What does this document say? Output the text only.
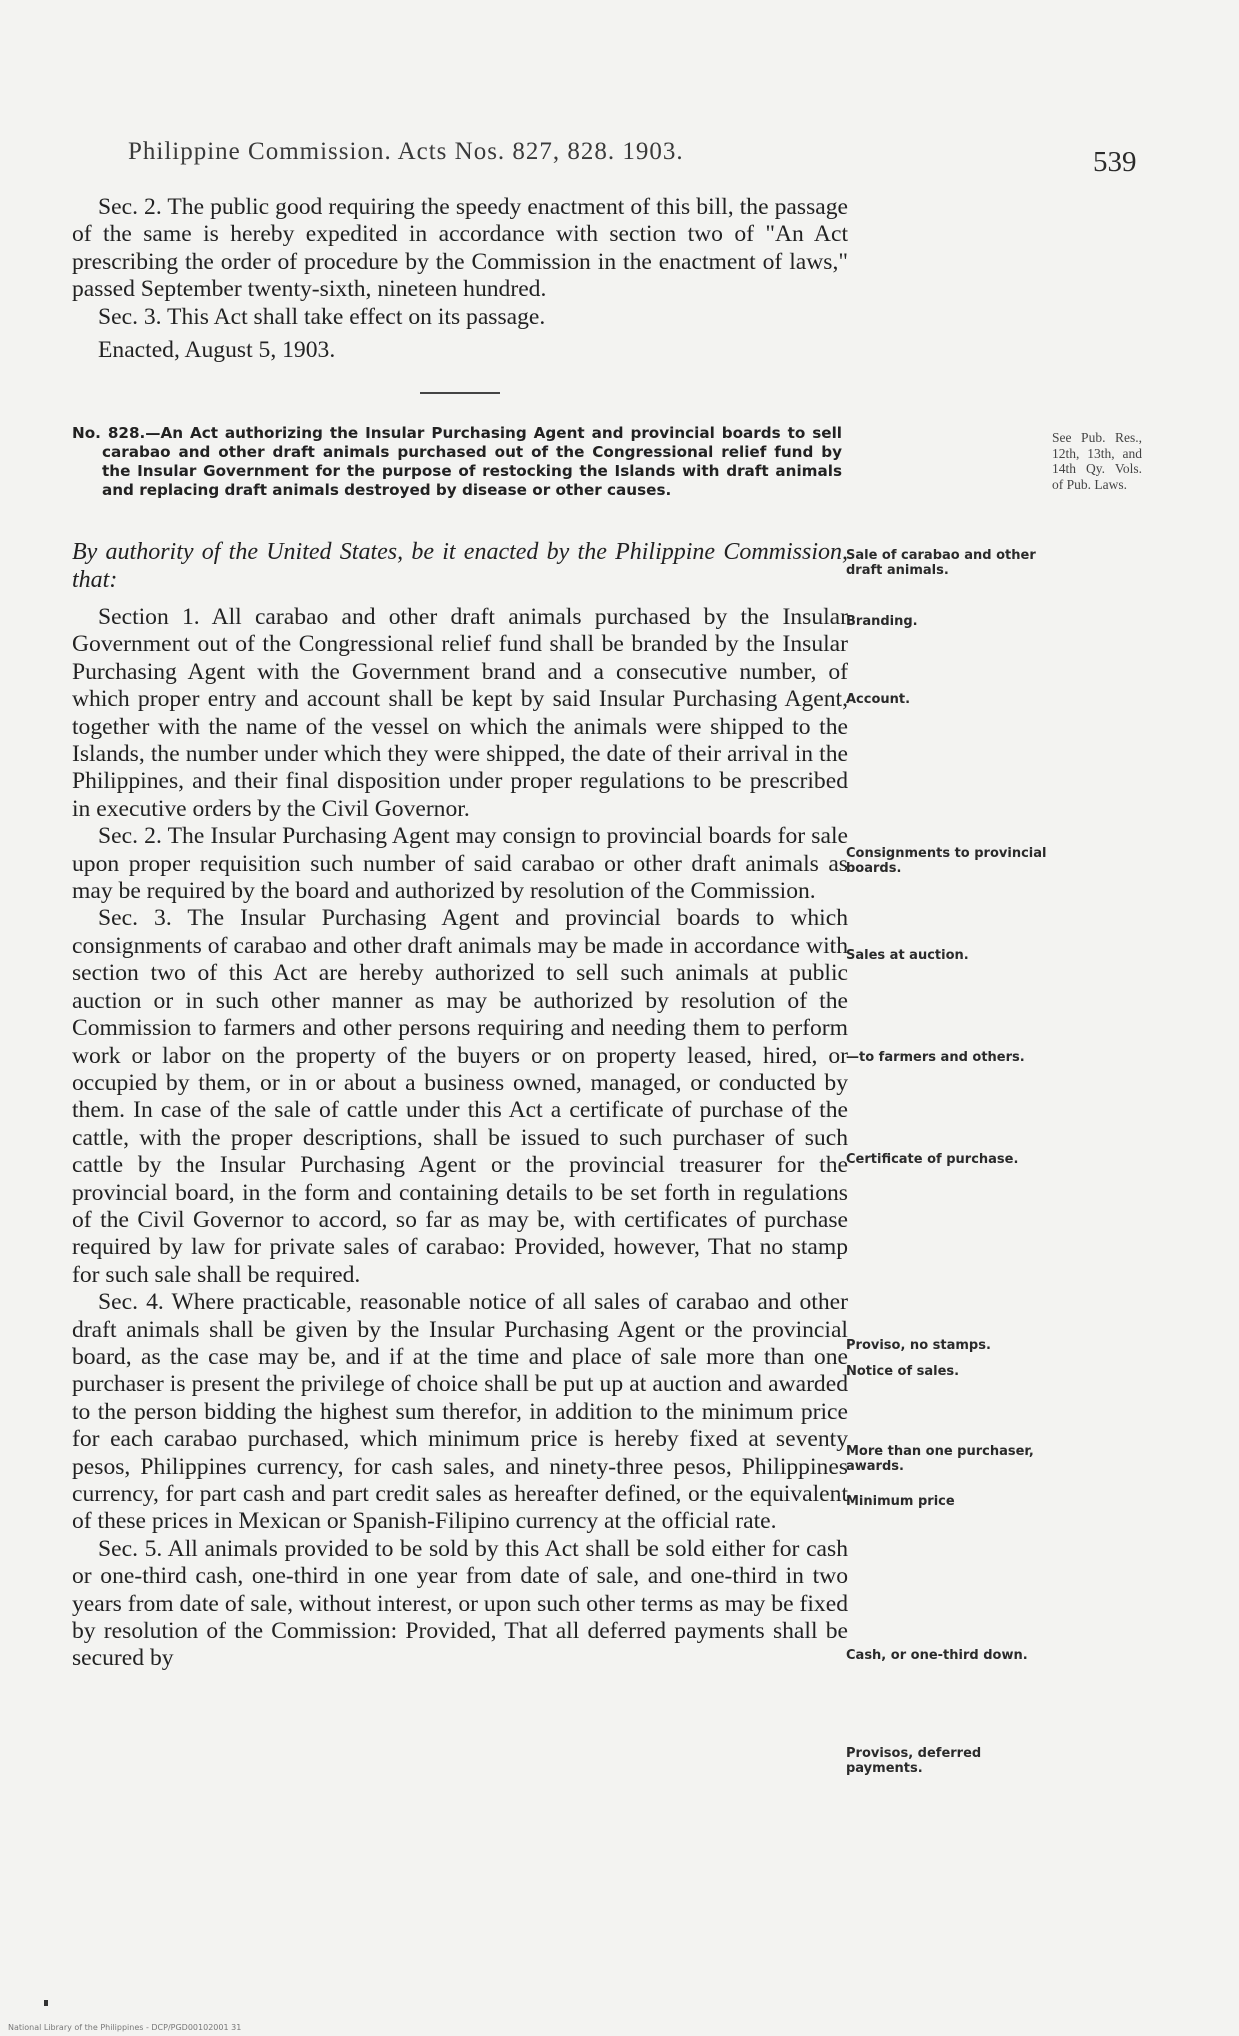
Philippine Commission. Acts Nos. 827, 828. 1903.	539

Sec. 2. The public good requiring the speedy enactment of this bill, the passage of the same is hereby expedited in accordance with section two of "An Act prescribing the order of procedure by the Commission in the enactment of laws," passed September twenty-sixth, nineteen hundred.

Sec. 3. This Act shall take effect on its passage.

Enacted, August 5, 1903.

No. 828.—An Act authorizing the Insular Purchasing Agent and provincial boards to sell carabao and other draft animals purchased out of the Congressional relief fund by the Insular Government for the purpose of restocking the Islands with draft animals and replacing draft animals destroyed by disease or other causes.
By authority of the United States, be it enacted by the Philippine Commission, that:

Section 1. All carabao and other draft animals purchased by the Insular Government out of the Congressional relief fund shall be branded by the Insular Purchasing Agent with the Government brand and a consecutive number, of which proper entry and account shall be kept by said Insular Purchasing Agent, together with the name of the vessel on which the animals were shipped to the Islands, the number under which they were shipped, the date of their arrival in the Philippines, and their final disposition under proper regulations to be prescribed in executive orders by the Civil Governor.

Sec. 2. The Insular Purchasing Agent may consign to provincial boards for sale upon proper requisition such number of said carabao or other draft animals as may be required by the board and authorized by resolution of the Commission.

Sec. 3. The Insular Purchasing Agent and provincial boards to which consignments of carabao and other draft animals may be made in accordance with section two of this Act are hereby authorized to sell such animals at public auction or in such other manner as may be authorized by resolution of the Commission to farmers and other persons requiring and needing them to perform work or labor on the property of the buyers or on property leased, hired, or occupied by them, or in or about a business owned, managed, or conducted by them. In case of the sale of cattle under this Act a certificate of purchase of the cattle, with the proper descriptions, shall be issued to such purchaser of such cattle by the Insular Purchasing Agent or the provincial treasurer for the provincial board, in the form and containing details to be set forth in regulations of the Civil Governor to accord, so far as may be, with certificates of purchase required by law for private sales of carabao: Provided, however, That no stamp for such sale shall be required.

Sec. 4. Where practicable, reasonable notice of all sales of carabao and other draft animals shall be given by the Insular Purchasing Agent or the provincial board, as the case may be, and if at the time and place of sale more than one purchaser is present the privilege of choice shall be put up at auction and awarded to the person bidding the highest sum therefor, in addition to the minimum price for each carabao purchased, which minimum price is hereby fixed at seventy pesos, Philippines currency, for cash sales, and ninety-three pesos, Philippines currency, for part cash and part credit sales as hereafter defined, or the equivalent of these prices in Mexican or Spanish-Filipino currency at the official rate.

Sec. 5. All animals provided to be sold by this Act shall be sold either for cash or one-third cash, one-third in one year from date of sale, and one-third in two years from date of sale, without interest, or upon such other terms as may be fixed by resolution of the Commission: Provided, That all deferred payments shall be secured by

See Pub. Res., 12th, 13th, and 14th Qy. Vols. of Pub. Laws.
Sale of carabao and other draft animals.
Branding.
Account.
Consignments to provincial boards.
Sales at auction.
—to farmers and others.
Certificate of purchase.
Proviso, no stamps.
Notice of sales.
More than one purchaser, awards.
Minimum price
Cash, or one-third down.
Provisos, deferred payments.
National Library of the Philippines - DCP/PGD00102001 31
